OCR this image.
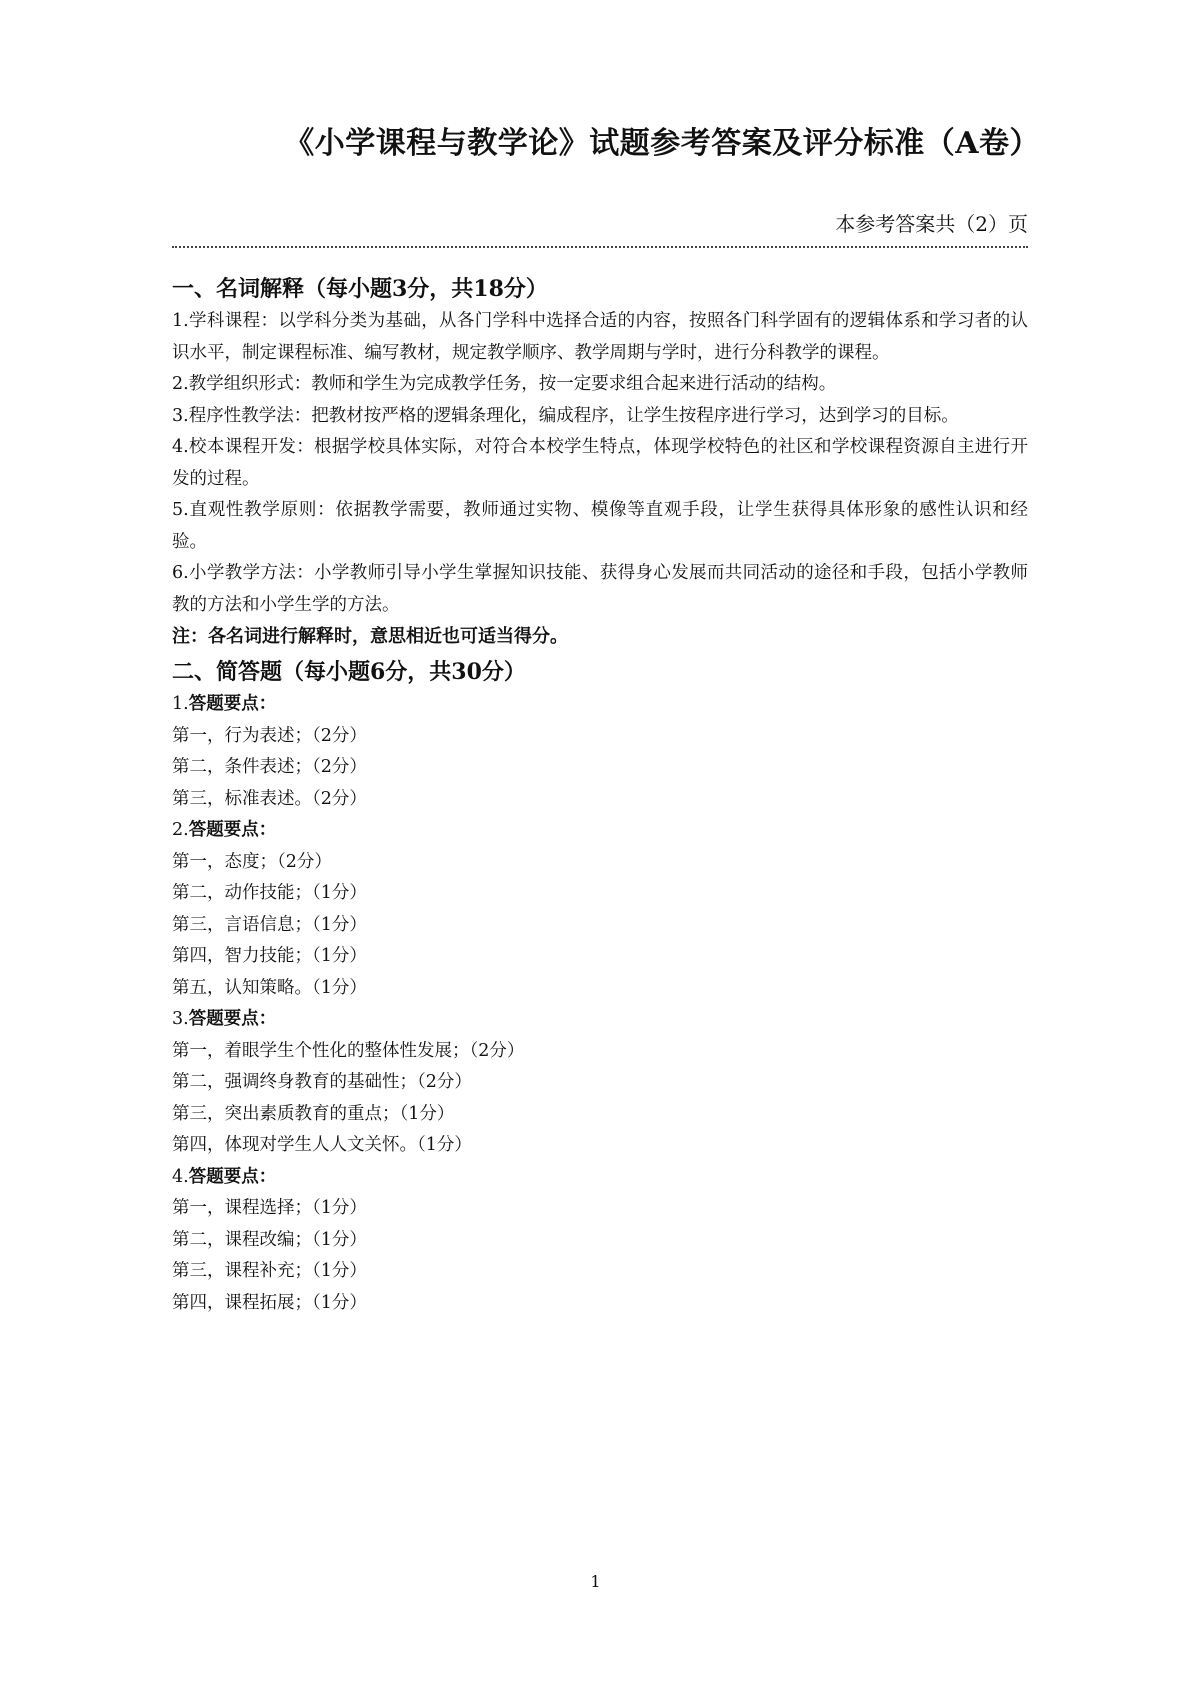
《小学课程与教学论》试题参考答案及评分标准（A卷）
本参考答案共（2）页
一、名词解释（每小题3分，共18分）

1.学科课程：以学科分类为基础，从各门学科中选择合适的内容，按照各门科学固有的逻辑体系和学习者的认识水平，制定课程标准、编写教材，规定教学顺序、教学周期与学时，进行分科教学的课程。

2.教学组织形式：教师和学生为完成教学任务，按一定要求组合起来进行活动的结构。

3.程序性教学法：把教材按严格的逻辑条理化，编成程序，让学生按程序进行学习，达到学习的目标。

4.校本课程开发：根据学校具体实际，对符合本校学生特点，体现学校特色的社区和学校课程资源自主进行开发的过程。

5.直观性教学原则：依据教学需要，教师通过实物、模像等直观手段，让学生获得具体形象的感性认识和经验。

6.小学教学方法：小学教师引导小学生掌握知识技能、获得身心发展而共同活动的途径和手段，包括小学教师教的方法和小学生学的方法。

注：各名词进行解释时，意思相近也可适当得分。

二、简答题（每小题6分，共30分）

1.答题要点：

第一，行为表述；（2分）

第二，条件表述；（2分）

第三，标准表述。（2分）

2.答题要点：

第一，态度；（2分）

第二，动作技能；（1分）

第三，言语信息；（1分）

第四，智力技能；（1分）

第五，认知策略。（1分）

3.答题要点：

第一，着眼学生个性化的整体性发展；（2分）

第二，强调终身教育的基础性；（2分）

第三，突出素质教育的重点；（1分）

第四，体现对学生人人文关怀。（1分）

4.答题要点：

第一，课程选择；（1分）

第二，课程改编；（1分）

第三，课程补充；（1分）

第四，课程拓展；（1分）

1
